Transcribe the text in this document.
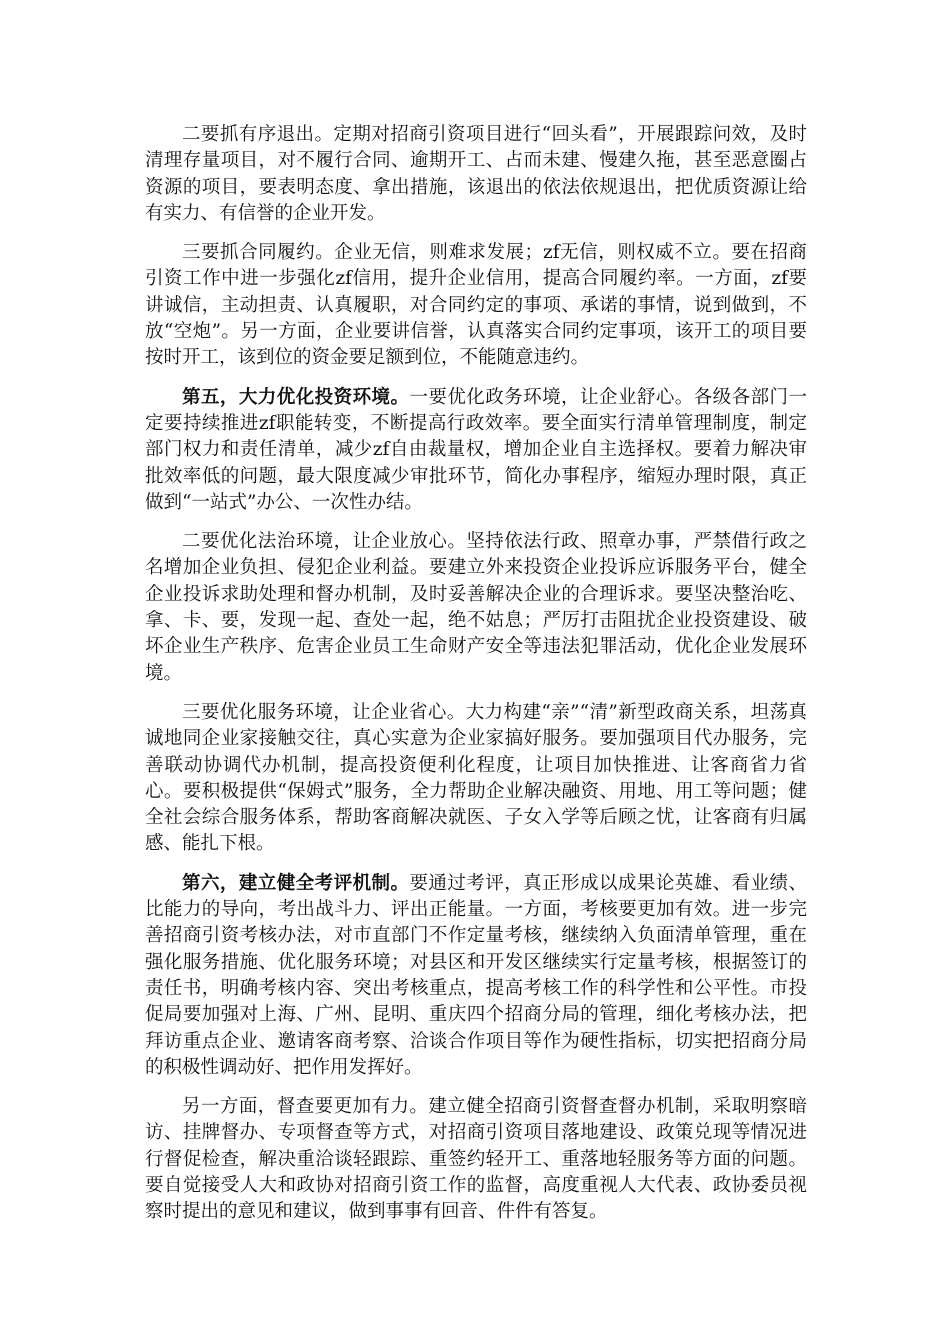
二要抓有序退出。定期对招商引资项目进行“回头看”，开展跟踪问效，及时清理存量项目，对不履行合同、逾期开工、占而未建、慢建久拖，甚至恶意圈占资源的项目，要表明态度、拿出措施，该退出的依法依规退出，把优质资源让给有实力、有信誉的企业开发。

三要抓合同履约。企业无信，则难求发展；zf无信，则权威不立。要在招商引资工作中进一步强化zf信用，提升企业信用，提高合同履约率。一方面，zf要讲诚信，主动担责、认真履职，对合同约定的事项、承诺的事情，说到做到，不放“空炮”。另一方面，企业要讲信誉，认真落实合同约定事项，该开工的项目要按时开工，该到位的资金要足额到位，不能随意违约。

第五，大力优化投资环境。一要优化政务环境，让企业舒心。各级各部门一定要持续推进zf职能转变，不断提高行政效率。要全面实行清单管理制度，制定部门权力和责任清单，减少zf自由裁量权，增加企业自主选择权。要着力解决审批效率低的问题，最大限度减少审批环节，简化办事程序，缩短办理时限，真正做到“一站式”办公、一次性办结。

二要优化法治环境，让企业放心。坚持依法行政、照章办事，严禁借行政之名增加企业负担、侵犯企业利益。要建立外来投资企业投诉应诉服务平台，健全企业投诉求助处理和督办机制，及时妥善解决企业的合理诉求。要坚决整治吃、拿、卡、要，发现一起、查处一起，绝不姑息；严厉打击阻扰企业投资建设、破坏企业生产秩序、危害企业员工生命财产安全等违法犯罪活动，优化企业发展环境。

三要优化服务环境，让企业省心。大力构建“亲”“清”新型政商关系，坦荡真诚地同企业家接触交往，真心实意为企业家搞好服务。要加强项目代办服务，完善联动协调代办机制，提高投资便利化程度，让项目加快推进、让客商省力省心。要积极提供“保姆式”服务，全力帮助企业解决融资、用地、用工等问题；健全社会综合服务体系，帮助客商解决就医、子女入学等后顾之忧，让客商有归属感、能扎下根。

第六，建立健全考评机制。要通过考评，真正形成以成果论英雄、看业绩、比能力的导向，考出战斗力、评出正能量。一方面，考核要更加有效。进一步完善招商引资考核办法，对市直部门不作定量考核，继续纳入负面清单管理，重在强化服务措施、优化服务环境；对县区和开发区继续实行定量考核，根据签订的责任书，明确考核内容、突出考核重点，提高考核工作的科学性和公平性。市投促局要加强对上海、广州、昆明、重庆四个招商分局的管理，细化考核办法，把拜访重点企业、邀请客商考察、洽谈合作项目等作为硬性指标，切实把招商分局的积极性调动好、把作用发挥好。

另一方面，督查要更加有力。建立健全招商引资督查督办机制，采取明察暗访、挂牌督办、专项督查等方式，对招商引资项目落地建设、政策兑现等情况进行督促检查，解决重洽谈轻跟踪、重签约轻开工、重落地轻服务等方面的问题。要自觉接受人大和政协对招商引资工作的监督，高度重视人大代表、政协委员视察时提出的意见和建议，做到事事有回音、件件有答复。
